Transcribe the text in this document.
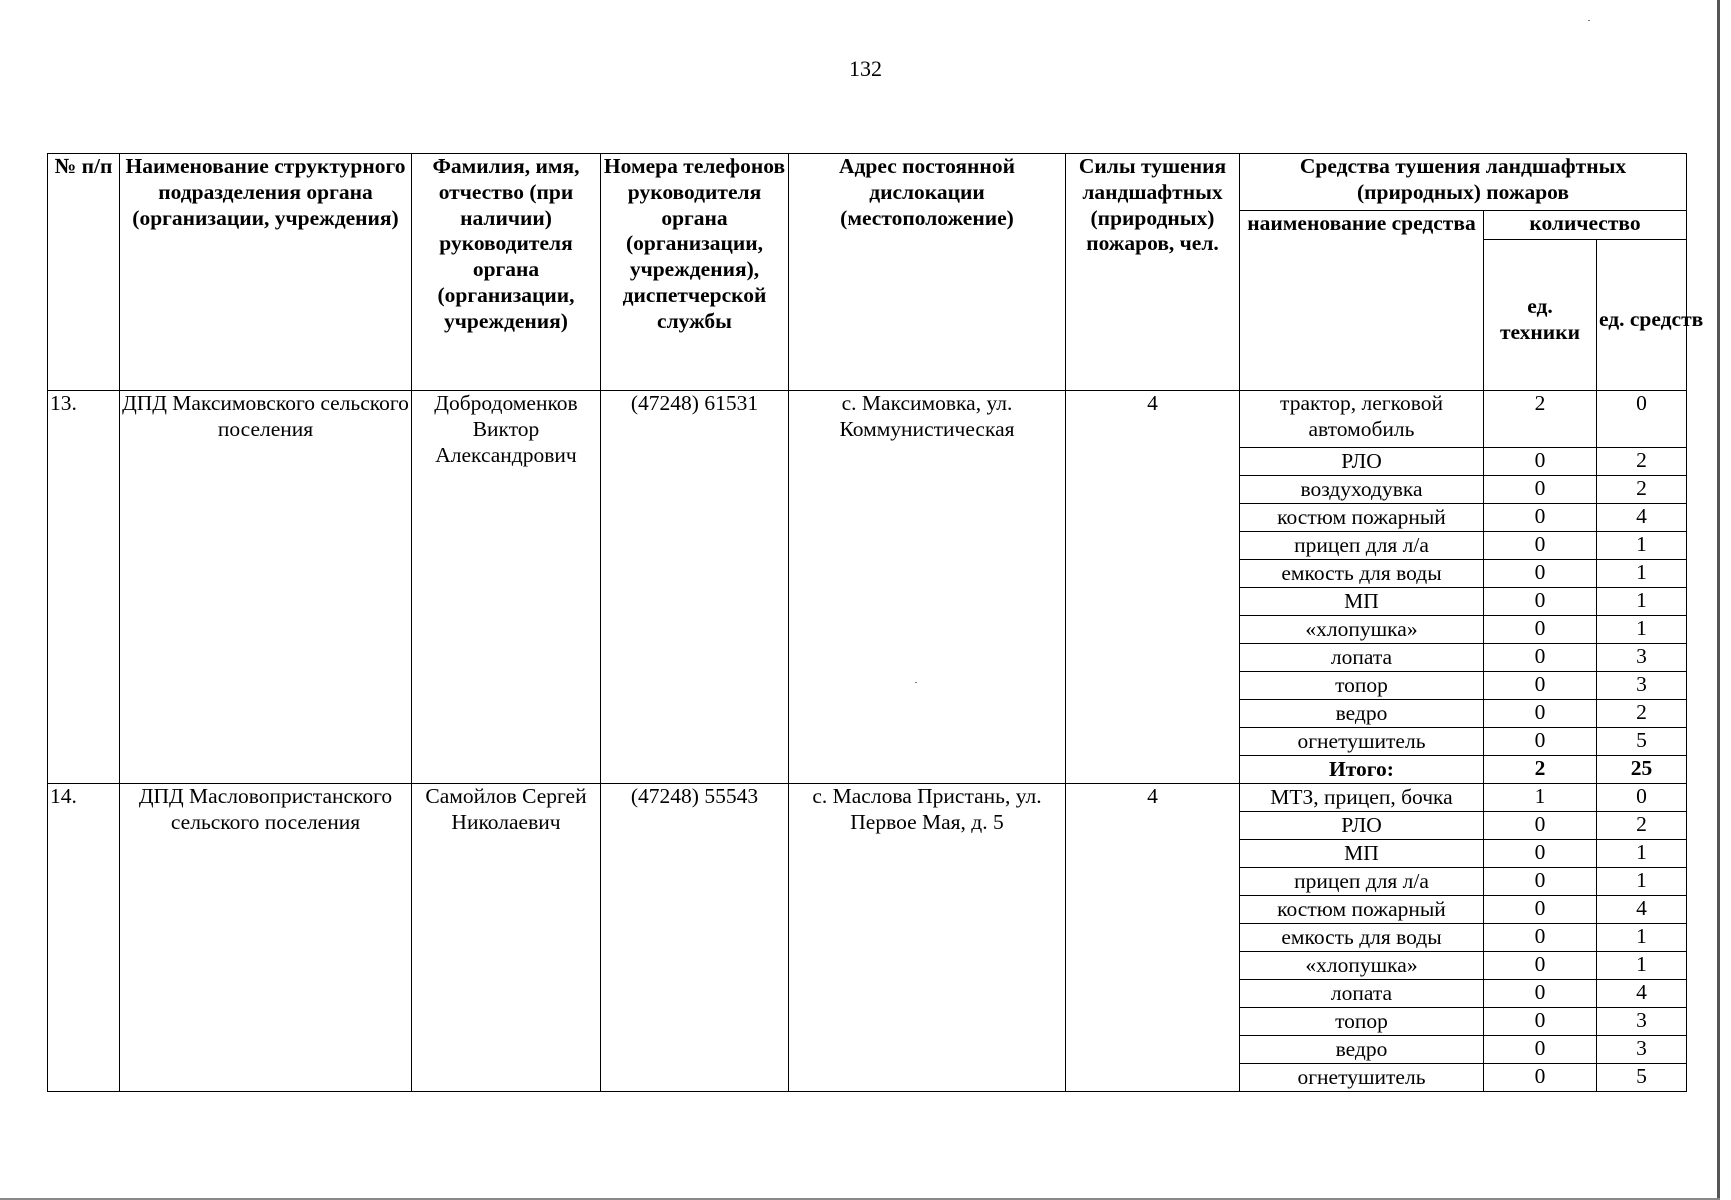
132
№ п/п	Наименование структурного подразделения органа (организации, учреждения)	Фамилия, имя, отчество (при наличии) руководителя органа (организации, учреждения)	Номера телефонов руководителя органа (организации, учреждения), диспетчерской службы	Адрес постоянной дислокации (местоположение)	Силы тушения ландшафтных (природных) пожаров, чел.	Средства тушения ландшафтных (природных) пожаров		
						наименование средства	количество	
							ед. техники	ед. средств
13.	ДПД Максимовского сельского поселения	Добродоменков Виктор Александрович	(47248) 61531	с. Максимовка, ул. Коммунистическая	4	трактор, легковой автомобиль	2	0
						РЛО	0	2
						воздуходувка	0	2
						костюм пожарный	0	4
						прицеп для л/а	0	1
						емкость для воды	0	1
						МП	0	1
						«хлопушка»	0	1
						лопата	0	3
						топор	0	3
						ведро	0	2
						огнетушитель	0	5
						Итого:	2	25
14.	ДПД Масловопристанского сельского поселения	Самойлов Сергей Николаевич	(47248) 55543	с. Маслова Пристань, ул. Первое Мая, д. 5	4	МТЗ, прицеп, бочка	1	0
						РЛО	0	2
						МП	0	1
						прицеп для л/а	0	1
						костюм пожарный	0	4
						емкость для воды	0	1
						«хлопушка»	0	1
						лопата	0	4
						топор	0	3
						ведро	0	3
						огнетушитель	0	5
